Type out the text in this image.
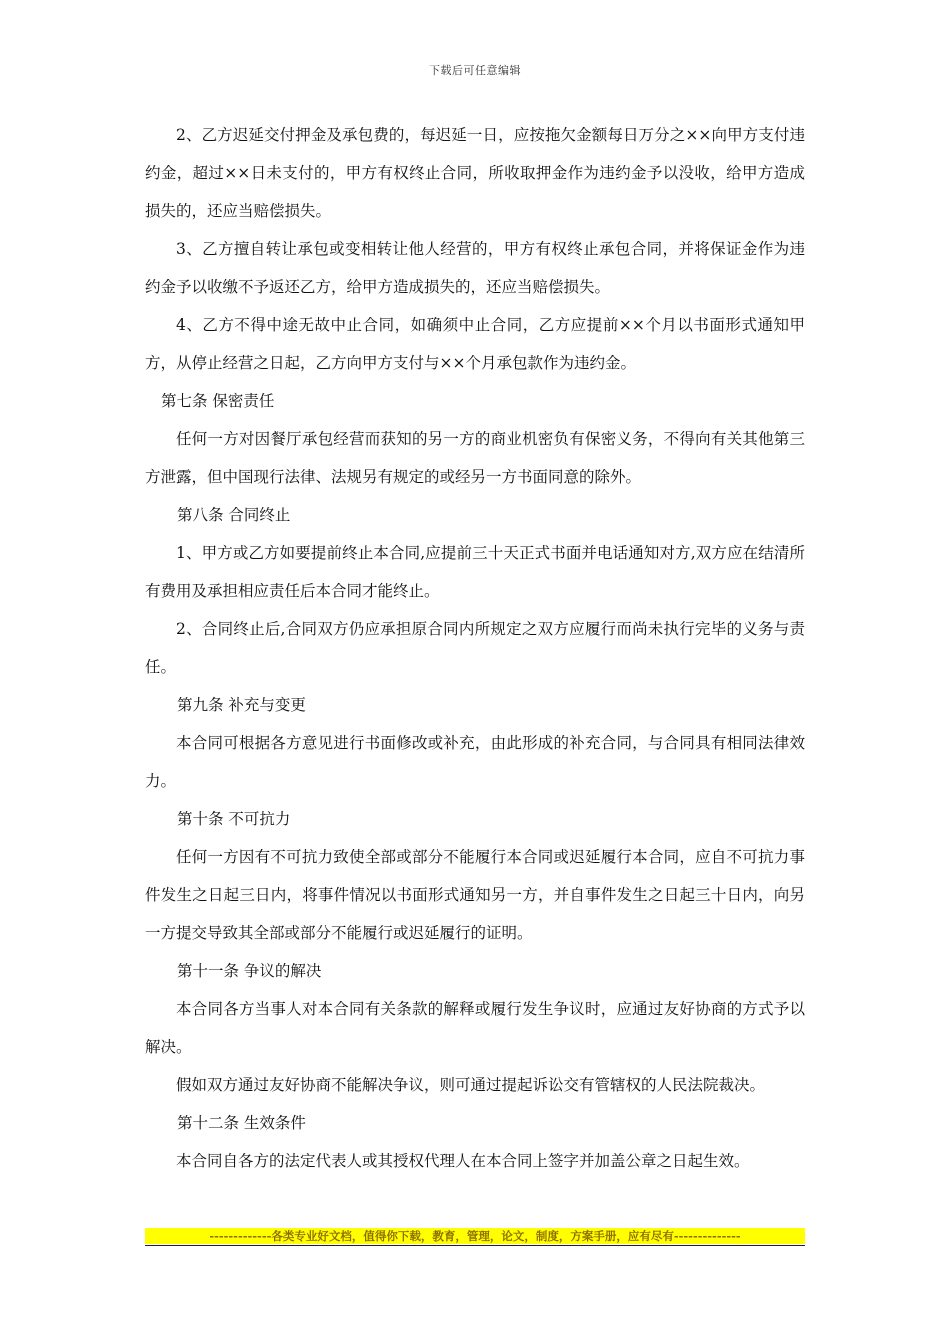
下载后可任意编辑

2、乙方迟延交付押金及承包费的，每迟延一日，应按拖欠金额每日万分之××向甲方支付违约金，超过××日未支付的，甲方有权终止合同，所收取押金作为违约金予以没收，给甲方造成损失的，还应当赔偿损失。

3、乙方擅自转让承包或变相转让他人经营的，甲方有权终止承包合同，并将保证金作为违约金予以收缴不予返还乙方，给甲方造成损失的，还应当赔偿损失。

4、乙方不得中途无故中止合同，如确须中止合同，乙方应提前××个月以书面形式通知甲方，从停止经营之日起，乙方向甲方支付与××个月承包款作为违约金。

第七条 保密责任

任何一方对因餐厅承包经营而获知的另一方的商业机密负有保密义务，不得向有关其他第三方泄露，但中国现行法律、法规另有规定的或经另一方书面同意的除外。

第八条 合同终止

1、甲方或乙方如要提前终止本合同,应提前三十天正式书面并电话通知对方,双方应在结清所有费用及承担相应责任后本合同才能终止。

2、合同终止后,合同双方仍应承担原合同内所规定之双方应履行而尚未执行完毕的义务与责任。

第九条 补充与变更

本合同可根据各方意见进行书面修改或补充，由此形成的补充合同，与合同具有相同法律效力。

第十条 不可抗力

任何一方因有不可抗力致使全部或部分不能履行本合同或迟延履行本合同，应自不可抗力事件发生之日起三日内，将事件情况以书面形式通知另一方，并自事件发生之日起三十日内，向另一方提交导致其全部或部分不能履行或迟延履行的证明。

第十一条 争议的解决

本合同各方当事人对本合同有关条款的解释或履行发生争议时，应通过友好协商的方式予以解决。

假如双方通过友好协商不能解决争议，则可通过提起诉讼交有管辖权的人民法院裁决。

第十二条 生效条件

本合同自各方的法定代表人或其授权代理人在本合同上签字并加盖公章之日起生效。

-------------各类专业好文档，值得你下载，教育，管理，论文，制度，方案手册，应有尽有--------------
